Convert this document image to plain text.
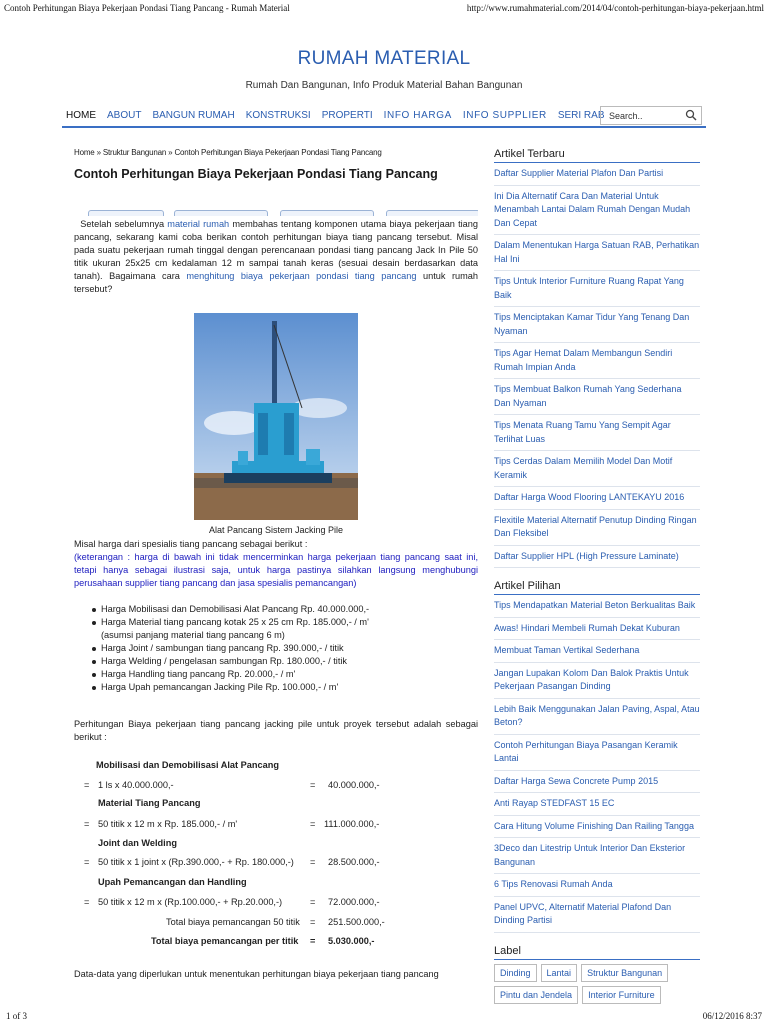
Contoh Perhitungan Biaya Pekerjaan Pondasi Tiang Pancang - Rumah Material	http://www.rumahmaterial.com/2014/04/contoh-perhitungan-biaya-pekerjaan.html
RUMAH MATERIAL
Rumah Dan Bangunan, Info Produk Material Bahan Bangunan
HOME ABOUT BANGUN RUMAH KONSTRUKSI PROPERTI INFO HARGA INFO SUPPLIER SERI RAB Search..
Home » Struktur Bangunan » Contoh Perhitungan Biaya Pekerjaan Pondasi Tiang Pancang
Contoh Perhitungan Biaya Pekerjaan Pondasi Tiang Pancang
Setelah sebelumnya material rumah membahas tentang komponen utama biaya pekerjaan tiang pancang, sekarang kami coba berikan contoh perhitungan biaya tiang pancang tersebut. Misal pada suatu pekerjaan rumah tinggal dengan perencanaan pondasi tiang pancang Jack In Pile 50 titik ukuran 25x25 cm kedalaman 12 m sampai tanah keras (sesuai desain berdasarkan data tanah). Bagaimana cara menghitung biaya pekerjaan pondasi tiang pancang untuk rumah tersebut?
Alat Pancang Sistem Jacking Pile
Misal harga dari spesialis tiang pancang sebagai berikut :
(keterangan : harga di bawah ini tidak mencerminkan harga pekerjaan tiang pancang saat ini, tetapi hanya sebagai ilustrasi saja, untuk harga pastinya silahkan langsung menghubungi perusahaan supplier tiang pancang dan jasa spesialis pemancangan)
Harga Mobilisasi dan Demobilisasi Alat Pancang Rp. 40.000.000,-
Harga Material tiang pancang kotak 25 x 25 cm Rp. 185.000,- / m'
(asumsi panjang material tiang pancang 6 m)
Harga Joint / sambungan tiang pancang Rp. 390.000,- / titik
Harga Welding / pengelasan sambungan Rp. 180.000,- / titik
Harga Handling tiang pancang Rp. 20.000,- / m'
Harga Upah pemancangan Jacking Pile Rp. 100.000,- / m'
Perhitungan Biaya pekerjaan tiang pancang jacking pile untuk proyek tersebut adalah sebagai berikut :
Mobilisasi dan Demobilisasi Alat Pancang
= 1 ls x 40.000.000,-	= 40.000.000,-
Material Tiang Pancang
= 50 titik x 12 m x Rp. 185.000,- / m'	= 111.000.000,-
Joint dan Welding
= 50 titik x 1 joint x (Rp.390.000,- + Rp. 180.000,-) = 28.500.000,-
Upah Pemancangan dan Handling
= 50 titik x 12 m x (Rp.100.000,- + Rp.20.000,-)	= 72.000.000,-
Total biaya pemancangan 50 titik = 251.500.000,-
Total biaya pemancangan per titik = 5.030.000,-
Data-data yang diperlukan untuk menentukan perhitungan biaya pekerjaan tiang pancang
Artikel Terbaru
Daftar Supplier Material Plafon Dan Partisi
Ini Dia Alternatif Cara Dan Material Untuk Menambah Lantai Dalam Rumah Dengan Mudah Dan Cepat
Dalam Menentukan Harga Satuan RAB, Perhatikan Hal Ini
Tips Untuk Interior Furniture Ruang Rapat Yang Baik
Tips Menciptakan Kamar Tidur Yang Tenang Dan Nyaman
Tips Agar Hemat Dalam Membangun Sendiri Rumah Impian Anda
Tips Membuat Balkon Rumah Yang Sederhana Dan Nyaman
Tips Menata Ruang Tamu Yang Sempit Agar Terlihat Luas
Tips Cerdas Dalam Memilih Model Dan Motif Keramik
Daftar Harga Wood Flooring LANTEKAYU 2016
Flexitile Material Alternatif Penutup Dinding Ringan Dan Fleksibel
Daftar Supplier HPL (High Pressure Laminate)
Artikel Pilihan
Tips Mendapatkan Material Beton Berkualitas Baik
Awas! Hindari Membeli Rumah Dekat Kuburan
Membuat Taman Vertikal Sederhana
Jangan Lupakan Kolom Dan Balok Praktis Untuk Pekerjaan Pasangan Dinding
Lebih Baik Menggunakan Jalan Paving, Aspal, Atau Beton?
Contoh Perhitungan Biaya Pasangan Keramik Lantai
Daftar Harga Sewa Concrete Pump 2015
Anti Rayap STEDFAST 15 EC
Cara Hitung Volume Finishing Dan Railing Tangga
3Deco dan Litestrip Untuk Interior Dan Eksterior Bangunan
6 Tips Renovasi Rumah Anda
Panel UPVC, Alternatif Material Plafond Dan Dinding Partisi
Label
Dinding	Lantai	Struktur Bangunan
Pintu dan Jendela	Interior Furniture
1 of 3	06/12/2016 8:37
